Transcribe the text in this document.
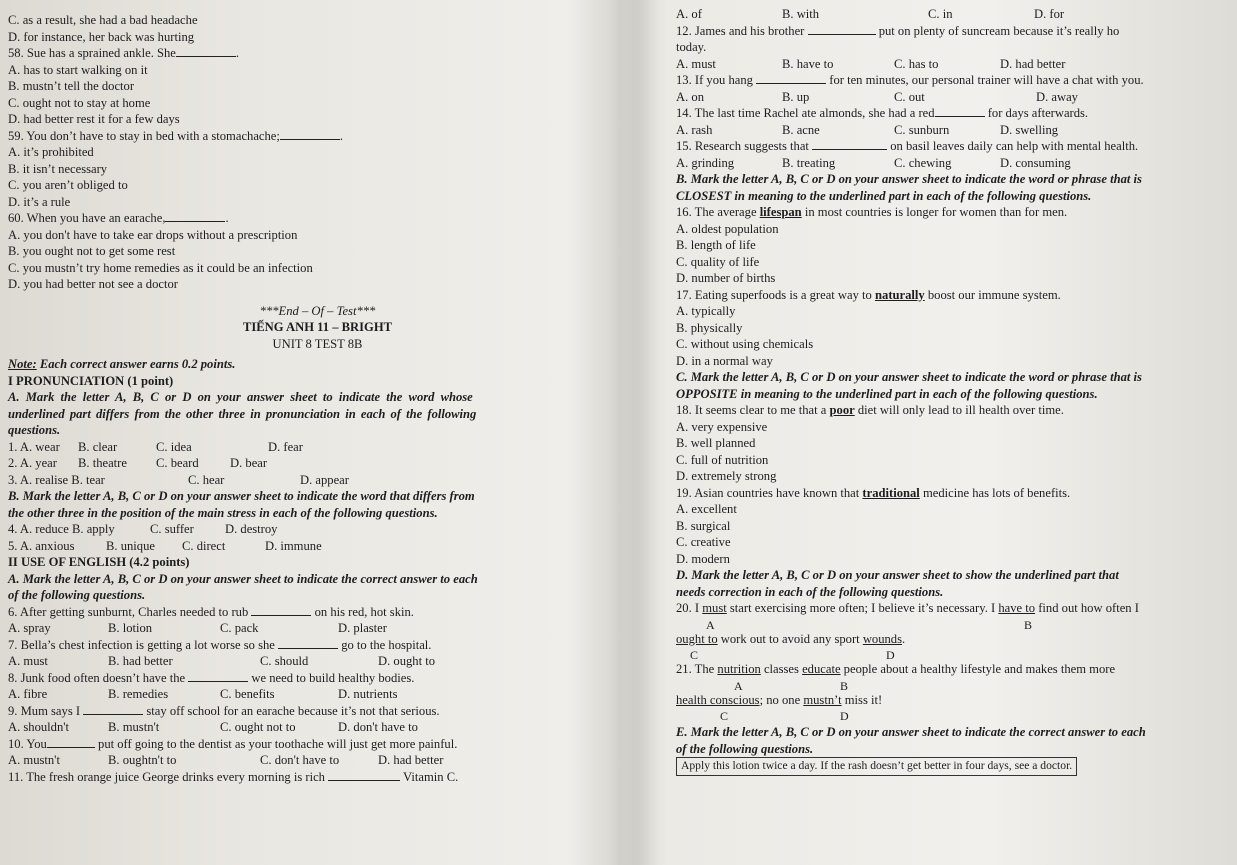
C. as a result, she had a bad headache
D. for instance, her back was hurting
58. Sue has a sprained ankle. She	.
A. has to start walking on it
B. mustn’t tell the doctor
C. ought not to stay at home
D. had better rest it for a few days
59. You don’t have to stay in bed with a stomachache;	.
A. it’s prohibited
B. it isn’t necessary
C. you aren’t obliged to
D. it’s a rule
60. When you have an earache,	.
A. you don't have to take ear drops without a prescription
B. you ought not to get some rest
C. you mustn’t try home remedies as it could be an infection
D. you had better not see a doctor
***End – Of – Test***
TIẾNG ANH 11 – BRIGHT
UNIT 8 TEST 8B
Note: Each correct answer earns 0.2 points.
I PRONUNCIATION (1 point)
A. Mark the letter A, B, C or D on your answer sheet to indicate the word whose
underlined part differs from the other three in pronunciation in each of the following
questions.
1. A. wear	B. clear	C. idea	D. fear
2. A. year	B. theatre	C. beard	D. bear
3. A. realise B. tear	C. hear	D. appear
B. Mark the letter A, B, C or D on your answer sheet to indicate the word that differs from
the other three in the position of the main stress in each of the following questions.
4. A. reduce B. apply	C. suffer	D. destroy
5. A. anxious	B. unique	C. direct	D. immune
II USE OF ENGLISH (4.2 points)
A. Mark the letter A, B, C or D on your answer sheet to indicate the correct answer to each
of the following questions.
6. After getting sunburnt, Charles needed to rub	on his red, hot skin.
A. spray	B. lotion	C. pack	D. plaster
7. Bella’s chest infection is getting a lot worse so she	go to the hospital.
A. must	B. had better	C. should	D. ought to
8. Junk food often doesn’t have the	we need to build healthy bodies.
A. fibre	B. remedies	C. benefits	D. nutrients
9. Mum says I	stay off school for an earache because it’s not that serious.
A. shouldn't	B. mustn't	C. ought not to	D. don't have to
10. You	put off going to the dentist as your toothache will just get more painful.
A. mustn't	B. oughtn't to	C. don't have to	D. had better
11. The fresh orange juice George drinks every morning is rich	Vitamin C.
A. of	B. with	C. in	D. for
12. James and his brother	put on plenty of suncream because it’s really ho
today.
A. must	B. have to	C. has to	D. had better
13. If you hang	for ten minutes, our personal trainer will have a chat with you.
A. on	B. up	C. out	D. away
14. The last time Rachel ate almonds, she had a red	for days afterwards.
A. rash	B. acne	C. sunburn	D. swelling
15. Research suggests that	on basil leaves daily can help with mental health.
A. grinding	B. treating	C. chewing	D. consuming
B. Mark the letter A, B, C or D on your answer sheet to indicate the word or phrase that is
CLOSEST in meaning to the underlined part in each of the following questions.
16. The average lifespan in most countries is longer for women than for men.
A. oldest population
B. length of life
C. quality of life
D. number of births
17. Eating superfoods is a great way to naturally boost our immune system.
A. typically
B. physically
C. without using chemicals
D. in a normal way
C. Mark the letter A, B, C or D on your answer sheet to indicate the word or phrase that is
OPPOSITE in meaning to the underlined part in each of the following questions.
18. It seems clear to me that a poor diet will only lead to ill health over time.
A. very expensive
B. well planned
C. full of nutrition
D. extremely strong
19. Asian countries have known that traditional medicine has lots of benefits.
A. excellent
B. surgical
C. creative
D. modern
D. Mark the letter A, B, C or D on your answer sheet to show the underlined part that
needs correction in each of the following questions.
20. I must start exercising more often; I believe it’s necessary. I have to find out how often I
A	B
ought to work out to avoid any sport wounds.
C	D
21. The nutrition classes educate people about a healthy lifestyle and makes them more
A	B
health conscious; no one mustn’t miss it!
C	D
E. Mark the letter A, B, C or D on your answer sheet to indicate the correct answer to each
of the following questions.
Apply this lotion twice a day. If the rash doesn’t get better in four days, see a doctor.
